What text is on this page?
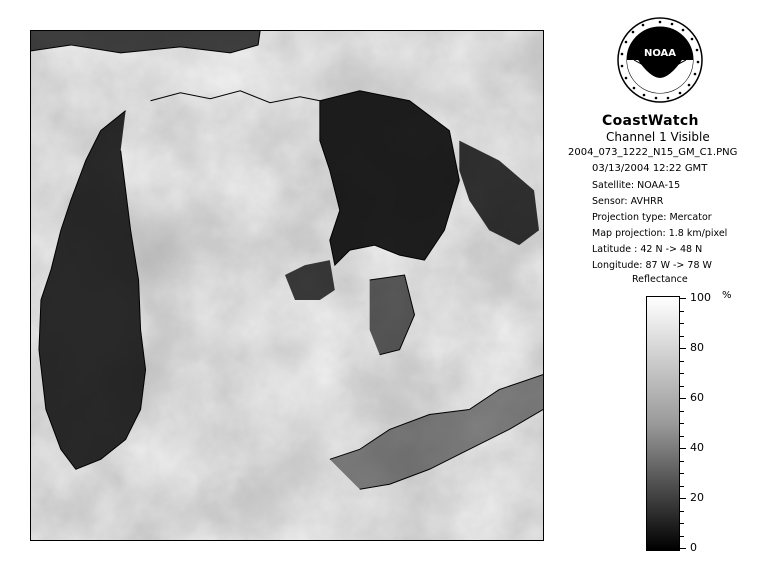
NOAA
CoastWatch
Channel 1 Visible
2004_073_1222_N15_GM_C1.PNG
03/13/2004 12:22 GMT
Satellite: NOAA-15
Sensor: AVHRR
Projection type: Mercator
Map projection: 1.8 km/pixel
Latitude : 42 N -> 48 N
Longitude: 87 W -> 78 W
Reflectance
%
100
80
60
40
20
0
